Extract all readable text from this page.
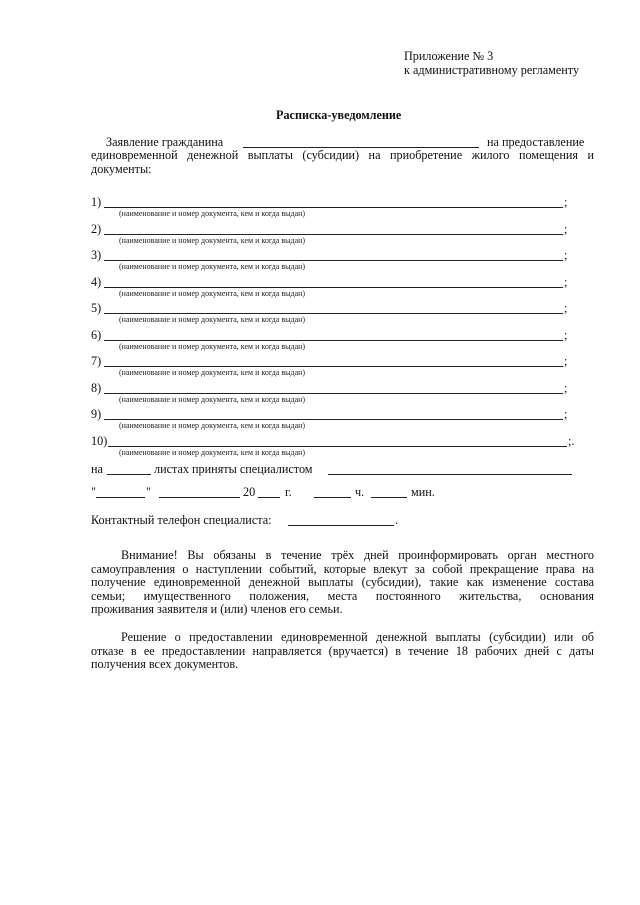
Приложение № 3
к административному регламенту
Расписка-уведомление
Заявление гражданина	на предоставление
единовременной денежной выплаты (субсидии) на приобретение жилого помещения и
документы:
1)	;
(наименование и номер документа, кем и когда выдан)
2)	;
(наименование и номер документа, кем и когда выдан)
3)	;
(наименование и номер документа, кем и когда выдан)
4)	;
(наименование и номер документа, кем и когда выдан)
5)	;
(наименование и номер документа, кем и когда выдан)
6)	;
(наименование и номер документа, кем и когда выдан)
7)	;
(наименование и номер документа, кем и когда выдан)
8)	;
(наименование и номер документа, кем и когда выдан)
9)	;
(наименование и номер документа, кем и когда выдан)
10)	;.
(наименование и номер документа, кем и когда выдан)
на	листах приняты специалистом
"	"	20 г.	ч.	мин.
Контактный телефон специалиста:	.
Внимание! Вы обязаны в течение трёх дней проинформировать орган местного
самоуправления о наступлении событий, которые влекут за собой прекращение права на
получение единовременной денежной выплаты (субсидии), такие как изменение состава
семьи; имущественного положения, места постоянного жительства, основания
проживания заявителя и (или) членов его семьи.
Решение о предоставлении единовременной денежной выплаты (субсидии) или об
отказе в ее предоставлении направляется (вручается) в течение 18 рабочих дней с даты
получения всех документов.
